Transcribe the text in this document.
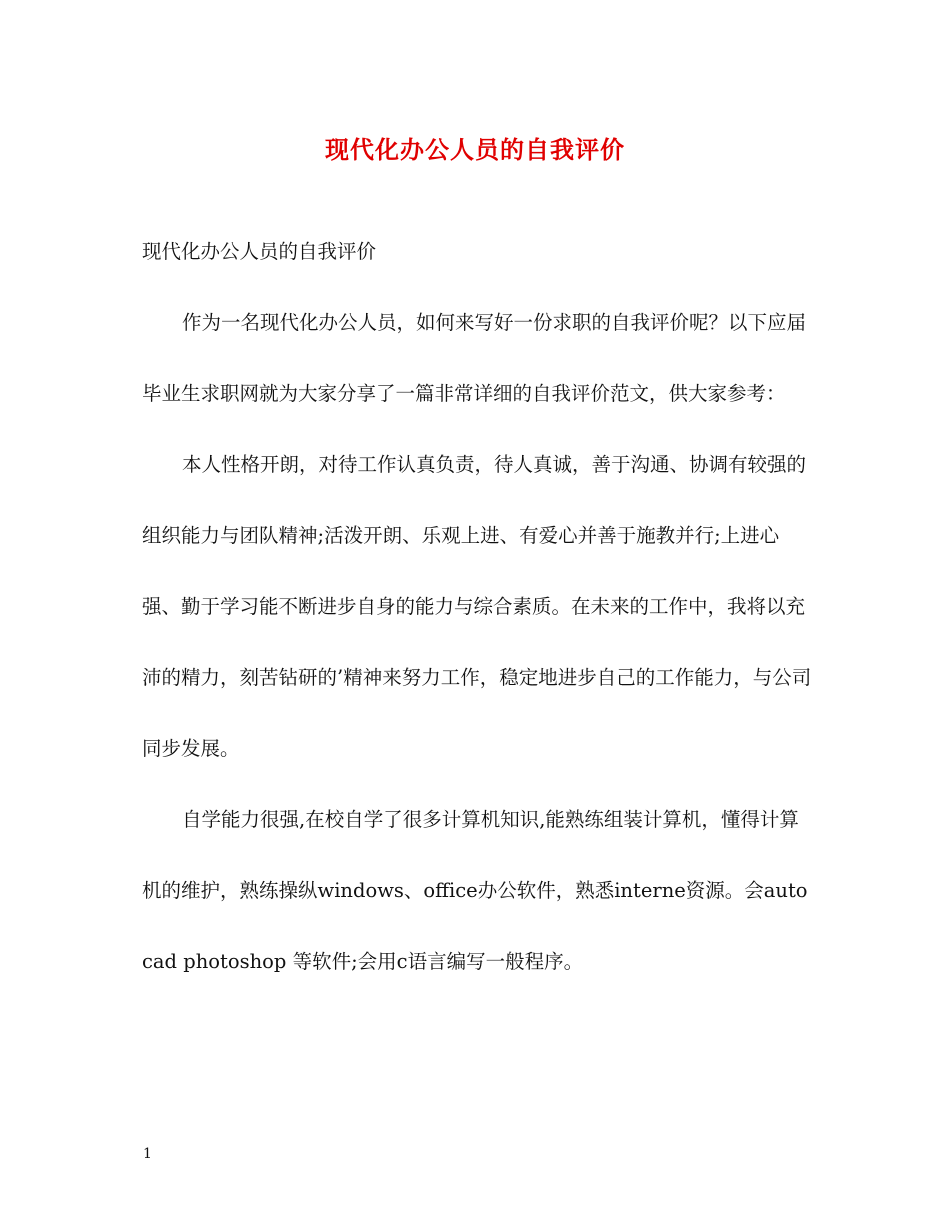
现代化办公人员的自我评价

现代化办公人员的自我评价

作为一名现代化办公人员，如何来写好一份求职的自我评价呢？以下应届毕业生求职网就为大家分享了一篇非常详细的自我评价范文，供大家参考：

本人性格开朗，对待工作认真负责，待人真诚，善于沟通、协调有较强的组织能力与团队精神;活泼开朗、乐观上进、有爱心并善于施教并行;上进心强、勤于学习能不断进步自身的能力与综合素质。在未来的工作中，我将以充沛的精力，刻苦钻研的’精神来努力工作，稳定地进步自己的工作能力，与公司同步发展。

自学能力很强,在校自学了很多计算机知识,能熟练组装计算机，懂得计算机的维护，熟练操纵windows、office办公软件，熟悉interne资源。会auto cad photoshop 等软件;会用c语言编写一般程序。

1
